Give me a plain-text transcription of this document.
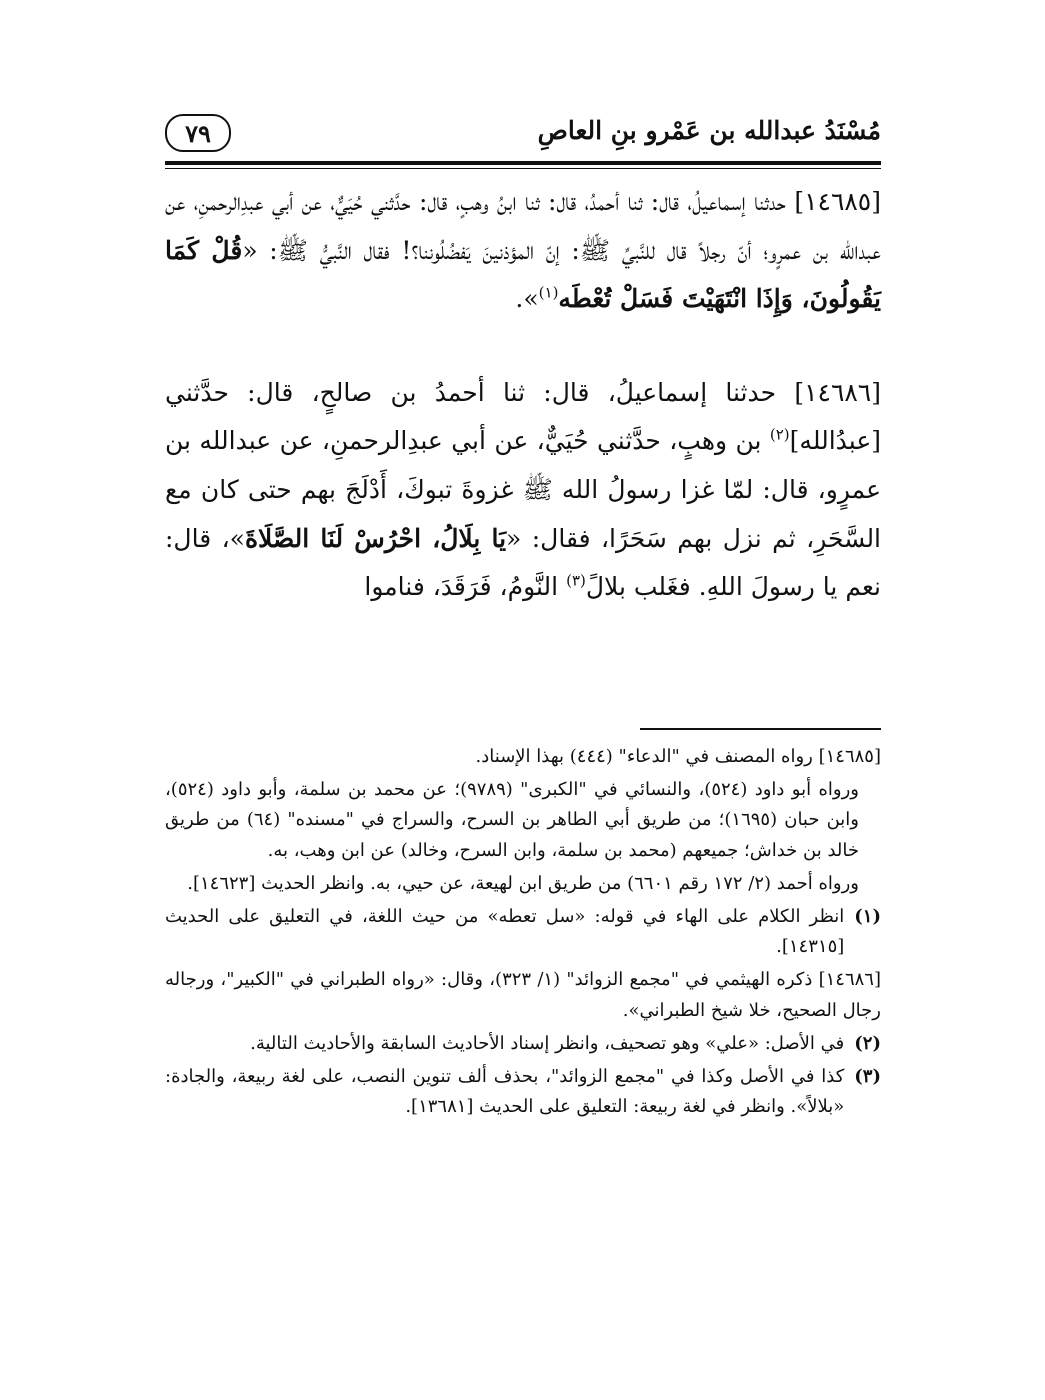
مُسْنَدُ عبدالله بن عَمْرو بنِ العاصِ
٧٩

[١٤٦٨٥] حدثنا إسماعيلُ، قال: ثنا أحمدُ، قال: ثنا ابنُ وهبٍ، قال: حدَّثني حُيَيٌّ، عن أبي عبدِالرحمنِ، عن عبدالله بن عمرٍو؛ أنّ رجلاً قال للنَّبيِّ ﷺ: إنّ المؤذنينَ يَفضُلُوننا؟! فقال النَّبيُّ ﷺ: «قُلْ كَمَا يَقُولُونَ، وَإِذَا انْتَهَيْتَ فَسَلْ تُعْطَه$^{(١)}$».

[١٤٦٨٦] حدثنا إسماعيلُ، قال: ثنا أحمدُ بن صالحٍ، قال: حدَّثني [عبدُالله]$^{(٢)}$ بن وهبٍ، حدَّثني حُيَيٌّ، عن أبي عبدِالرحمنِ، عن عبدالله بن عمرٍو، قال: لمّا غزا رسولُ الله ﷺ غزوةَ تبوكَ، أَدْلَجَ بهم حتى كان مع السَّحَرِ، ثم نزل بهم سَحَرًا، فقال: «يَا بِلَالُ، احْرُسْ لَنَا الصَّلَاةَ»، قال: نعم يا رسولَ اللهِ. فغَلب بلالً$^{(٣)}$ النَّومُ، فَرَقَدَ، فناموا

[١٤٦٨٥] رواه المصنف في "الدعاء" (٤٤٤) بهذا الإسناد.

ورواه أبو داود (٥٢٤)، والنسائي في "الكبرى" (٩٧٨٩)؛ عن محمد بن سلمة، وأبو داود (٥٢٤)، وابن حبان (١٦٩٥)؛ من طريق أبي الطاهر بن السرح، والسراج في "مسنده" (٦٤) من طريق خالد بن خداش؛ جميعهم (محمد بن سلمة، وابن السرح، وخالد) عن ابن وهب، به.

ورواه أحمد (٢/ ١٧٢ رقم ٦٦٠١) من طريق ابن لهيعة، عن حيي، به. وانظر الحديث [١٤٦٢٣].

(١)
انظر الكلام على الهاء في قوله: «سل تعطه» من حيث اللغة، في التعليق على الحديث [١٤٣١٥].

[١٤٦٨٦] ذكره الهيثمي في "مجمع الزوائد" (١/ ٣٢٣)، وقال: «رواه الطبراني في "الكبير"، ورجاله رجال الصحيح، خلا شيخ الطبراني».

(٢)
في الأصل: «علي» وهو تصحيف، وانظر إسناد الأحاديث السابقة والأحاديث التالية.
(٣)
كذا في الأصل وكذا في "مجمع الزوائد"، بحذف ألف تنوين النصب، على لغة ربيعة، والجادة: «بلالاً». وانظر في لغة ربيعة: التعليق على الحديث [١٣٦٨١].
